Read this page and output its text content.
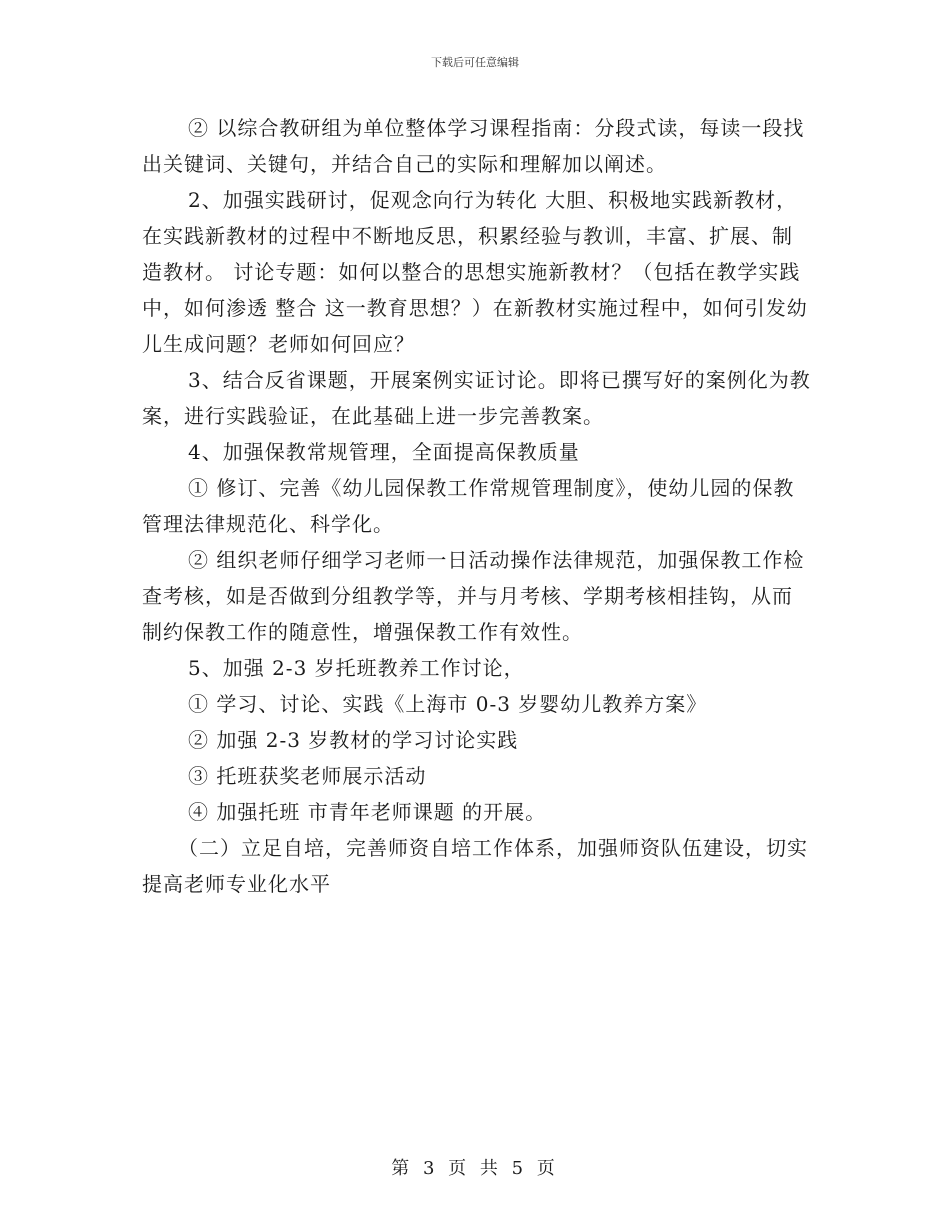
下载后可任意编辑

② 以综合教研组为单位整体学习课程指南：分段式读，每读一段找出关键词、关键句，并结合自己的实际和理解加以阐述。

2、加强实践研讨，促观念向行为转化 大胆、积极地实践新教材，在实践新教材的过程中不断地反思，积累经验与教训，丰富、扩展、制造教材。 讨论专题：如何以整合的思想实施新教材？（包括在教学实践中，如何渗透 整合 这一教育思想？）在新教材实施过程中，如何引发幼儿生成问题？老师如何回应？

3、结合反省课题，开展案例实证讨论。即将已撰写好的案例化为教案，进行实践验证，在此基础上进一步完善教案。

4、加强保教常规管理，全面提高保教质量

① 修订、完善《幼儿园保教工作常规管理制度》，使幼儿园的保教管理法律规范化、科学化。

② 组织老师仔细学习老师一日活动操作法律规范，加强保教工作检查考核，如是否做到分组教学等，并与月考核、学期考核相挂钩，从而制约保教工作的随意性，增强保教工作有效性。

5、加强 2-3 岁托班教养工作讨论，

① 学习、讨论、实践《上海市 0-3 岁婴幼儿教养方案》

② 加强 2-3 岁教材的学习讨论实践

③ 托班获奖老师展示活动

④ 加强托班 市青年老师课题 的开展。

（二）立足自培，完善师资自培工作体系，加强师资队伍建设，切实提高老师专业化水平

第 3 页 共 5 页
